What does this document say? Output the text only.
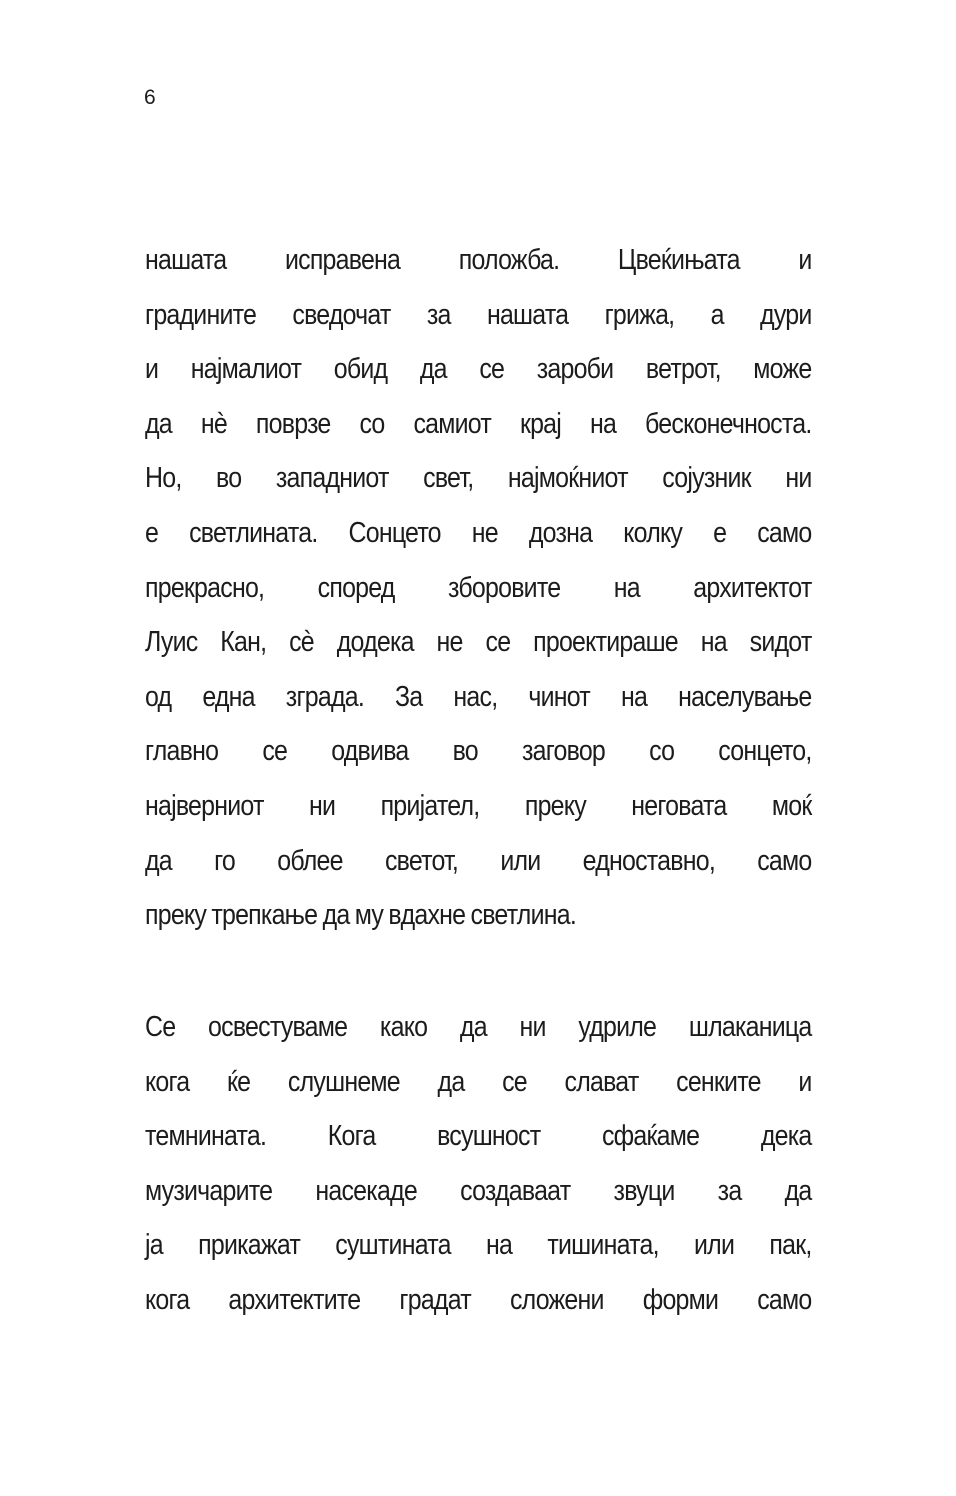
6
нашата исправена положба. Цвеќињата и
градините сведочат за нашата грижа, а дури
и најмалиот обид да се зароби ветрот, може
да нè поврзе со самиот крај на бесконечноста.
Но, во западниот свет, најмоќниот сојузник ни
е светлината. Сонцето не дозна колку е само
прекрасно, според зборовите на архитектот
Луис Кан, сè додека не се проектираше на ѕидот
од една зграда. За нас, чинот на населување
главно се одвива во заговор со сонцето,
најверниот ни пријател, преку неговата моќ
да го облее светот, или едноставно, само
преку трепкање да му вдахне светлина.
Се освестуваме како да ни удриле шлаканица
кога ќе слушнеме да се слават сенките и
темнината. Кога всушност сфаќаме дека
музичарите насекаде создаваат звуци за да
ја прикажат суштината на тишината, или пак,
кога архитектите градат сложени форми само
